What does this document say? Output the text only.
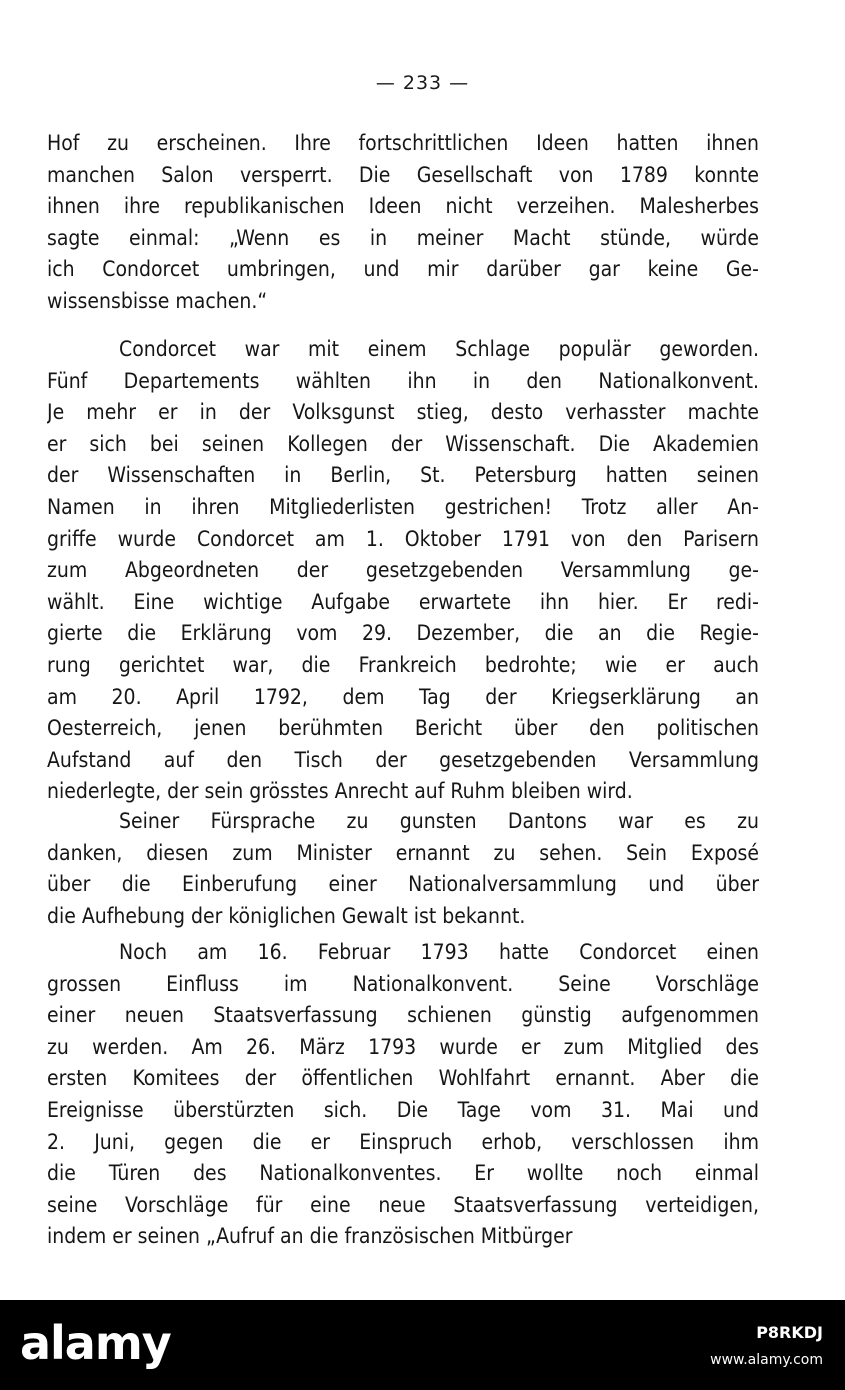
— 233 —
Hof zu erscheinen. Ihre fortschrittlichen Ideen hatten ihnen
manchen Salon versperrt. Die Gesellschaft von 1789 konnte
ihnen ihre republikanischen Ideen nicht verzeihen. Malesherbes
sagte einmal: „Wenn es in meiner Macht stünde, würde
ich Condorcet umbringen, und mir darüber gar keine Ge-
wissensbisse machen.“
Condorcet war mit einem Schlage populär geworden.
Fünf Departements wählten ihn in den Nationalkonvent.
Je mehr er in der Volksgunst stieg, desto verhasster machte
er sich bei seinen Kollegen der Wissenschaft. Die Akademien
der Wissenschaften in Berlin, St. Petersburg hatten seinen
Namen in ihren Mitgliederlisten gestrichen! Trotz aller An-
griffe wurde Condorcet am 1. Oktober 1791 von den Parisern
zum Abgeordneten der gesetzgebenden Versammlung ge-
wählt. Eine wichtige Aufgabe erwartete ihn hier. Er redi-
gierte die Erklärung vom 29. Dezember, die an die Regie-
rung gerichtet war, die Frankreich bedrohte; wie er auch
am 20. April 1792, dem Tag der Kriegserklärung an
Oesterreich, jenen berühmten Bericht über den politischen
Aufstand auf den Tisch der gesetzgebenden Versammlung
niederlegte, der sein grösstes Anrecht auf Ruhm bleiben wird.
Seiner Fürsprache zu gunsten Dantons war es zu
danken, diesen zum Minister ernannt zu sehen. Sein Exposé
über die Einberufung einer Nationalversammlung und über
die Aufhebung der königlichen Gewalt ist bekannt.
Noch am 16. Februar 1793 hatte Condorcet einen
grossen Einfluss im Nationalkonvent. Seine Vorschläge
einer neuen Staatsverfassung schienen günstig aufgenommen
zu werden. Am 26. März 1793 wurde er zum Mitglied des
ersten Komitees der öffentlichen Wohlfahrt ernannt. Aber die
Ereignisse überstürzten sich. Die Tage vom 31. Mai und
2. Juni, gegen die er Einspruch erhob, verschlossen ihm
die Türen des Nationalkonventes. Er wollte noch einmal
seine Vorschläge für eine neue Staatsverfassung verteidigen,
indem er seinen „Aufruf an die französischen Mitbürger
alamy	P8RKDJ
www.alamy.com
